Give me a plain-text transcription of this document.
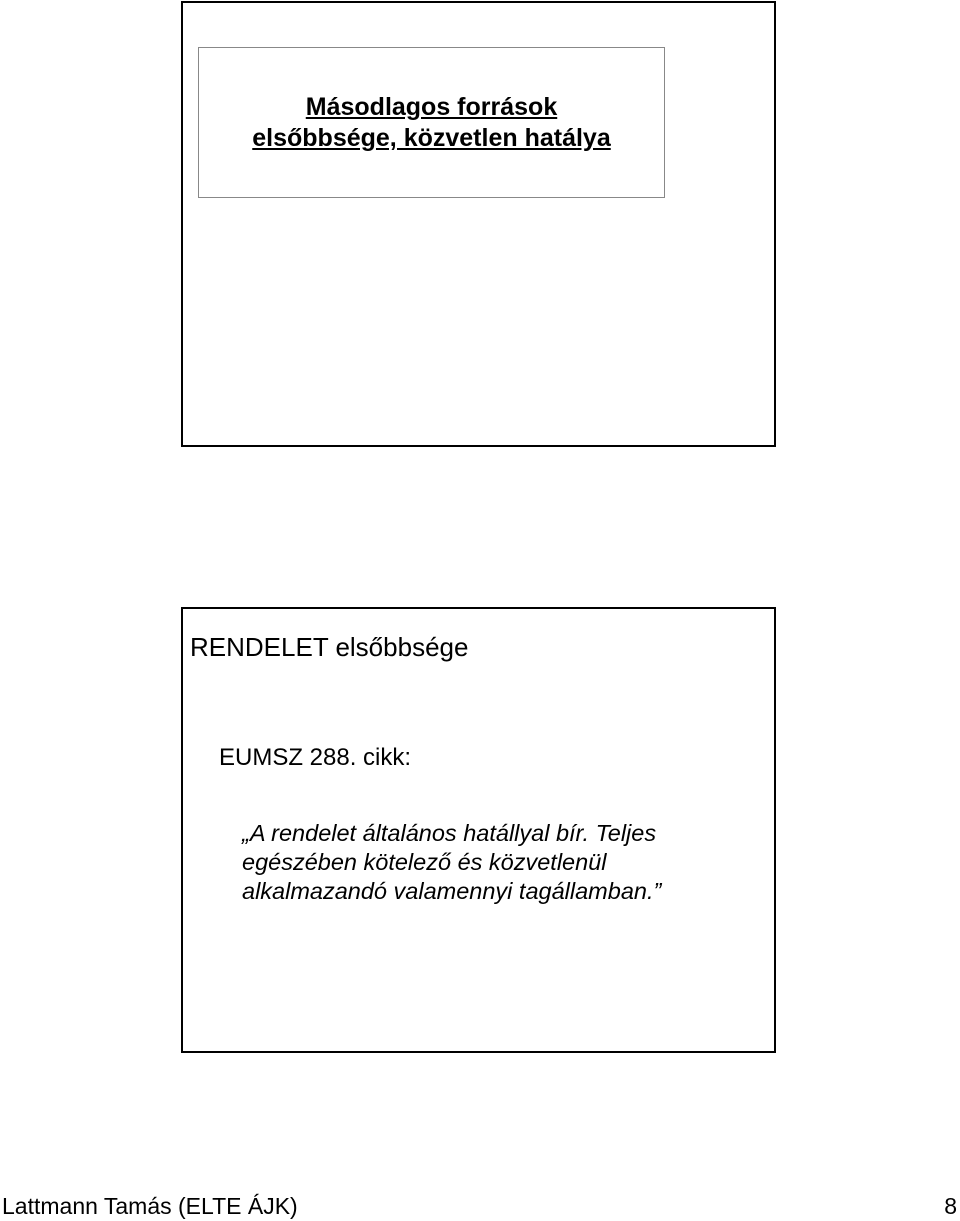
Másodlagos források
elsőbbsége, közvetlen hatálya
RENDELET elsőbbsége
EUMSZ 288. cikk:
„A rendelet általános hatállyal bír. Teljes
egészében kötelező és közvetlenül
alkalmazandó valamennyi tagállamban.”
Lattmann Tamás (ELTE ÁJK)	8
